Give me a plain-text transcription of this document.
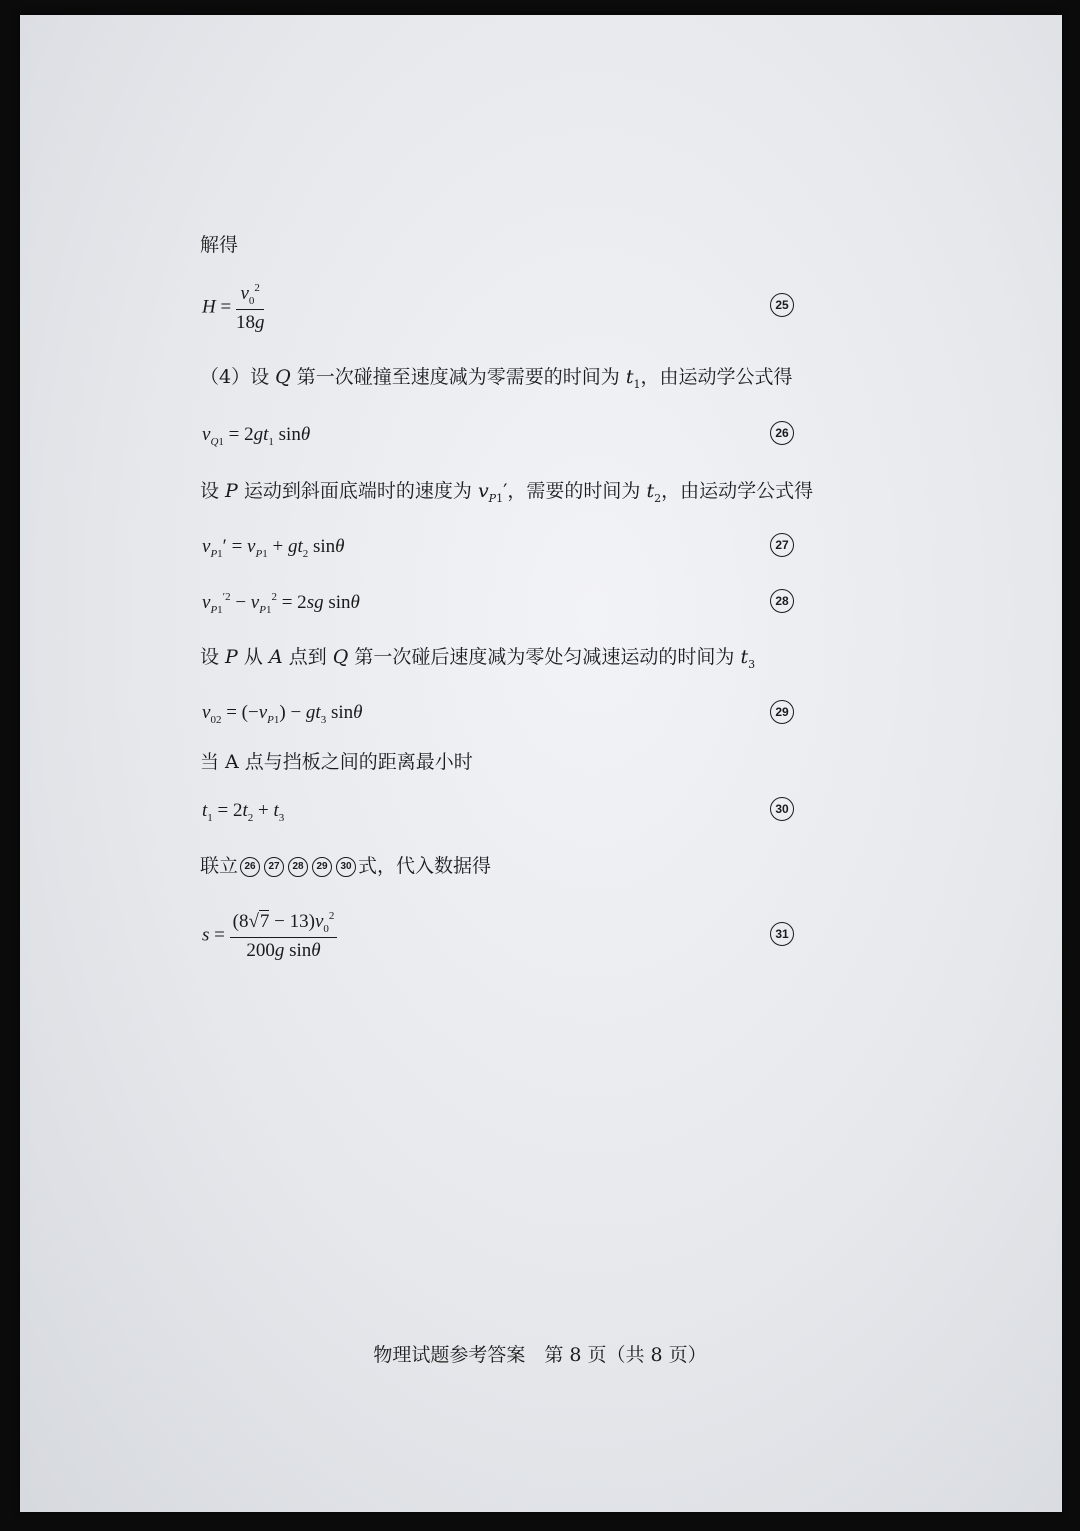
解得
$H = \frac{v_0^2}{18g}$	25
（4）设 Q 第一次碰撞至速度减为零需要的时间为 $t_1$，由运动学公式得
$v_{Q1} = 2gt_1$ sinθ	26
设 P 运动到斜面底端时的速度为 $v_{P1}'$，需要的时间为 $t_2$，由运动学公式得
$v_{P1}' = v_{P1} + gt_2$ sinθ	27
$v_{P1}^{'2} - v_{P1}^2 = 2sg$ sinθ	28
设 P 从 A 点到 Q 第一次碰后速度减为零处匀减速运动的时间为 $t_3$
$v_{02} = (-v_{P1}) - gt_3$ sinθ	29
当 A 点与挡板之间的距离最小时
$t_1 = 2t_2 + t_3$
30
联立 26 27 28 29 30 式，代入数据得
$s = \frac{(8√7 - 13)v_0^2}{\text{200g sinθ}}$	31
物理试题参考答案　第 8 页（共 8 页）
